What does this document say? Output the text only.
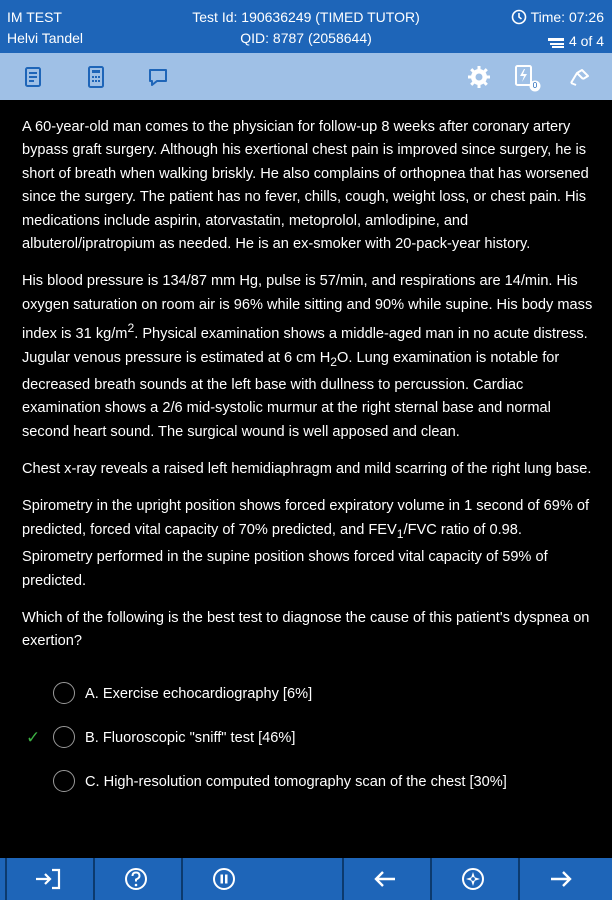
IM TEST
Helvi Tandel
Test Id: 190636249 (TIMED TUTOR)
QID: 8787 (2058644)
Time: 07:26
4 of 4
0

A 60-year-old man comes to the physician for follow-up 8 weeks after coronary artery bypass graft surgery. Although his exertional chest pain is improved since surgery, he is short of breath when walking briskly. He also complains of orthopnea that has worsened since the surgery. The patient has no fever, chills, cough, weight loss, or chest pain. His medications include aspirin, atorvastatin, metoprolol, amlodipine, and albuterol/ipratropium as needed. He is an ex-smoker with 20-pack-year history.

His blood pressure is 134/87 mm Hg, pulse is 57/min, and respirations are 14/min. His oxygen saturation on room air is 96% while sitting and 90% while supine. His body mass index is 31 $kg/m^2$. Physical examination shows a middle-aged man in no acute distress. Jugular venous pressure is estimated at 6 cm $H_2O$. Lung examination is notable for decreased breath sounds at the left base with dullness to percussion. Cardiac examination shows a 2/6 mid-systolic murmur at the right sternal base and normal second heart sound. The surgical wound is well apposed and clean.

Chest x-ray reveals a raised left hemidiaphragm and mild scarring of the right lung base.

Spirometry in the upright position shows forced expiratory volume in 1 second of 69% of predicted, forced vital capacity of 70% predicted, and $FEV_1$/FVC ratio of 0.98. Spirometry performed in the supine position shows forced vital capacity of 59% of predicted.

Which of the following is the best test to diagnose the cause of this patient's dyspnea on exertion?

A. Exercise echocardiography [6%]
✓	B. Fluoroscopic "sniff" test [46%]
C. High-resolution computed tomography scan of the chest [30%]
